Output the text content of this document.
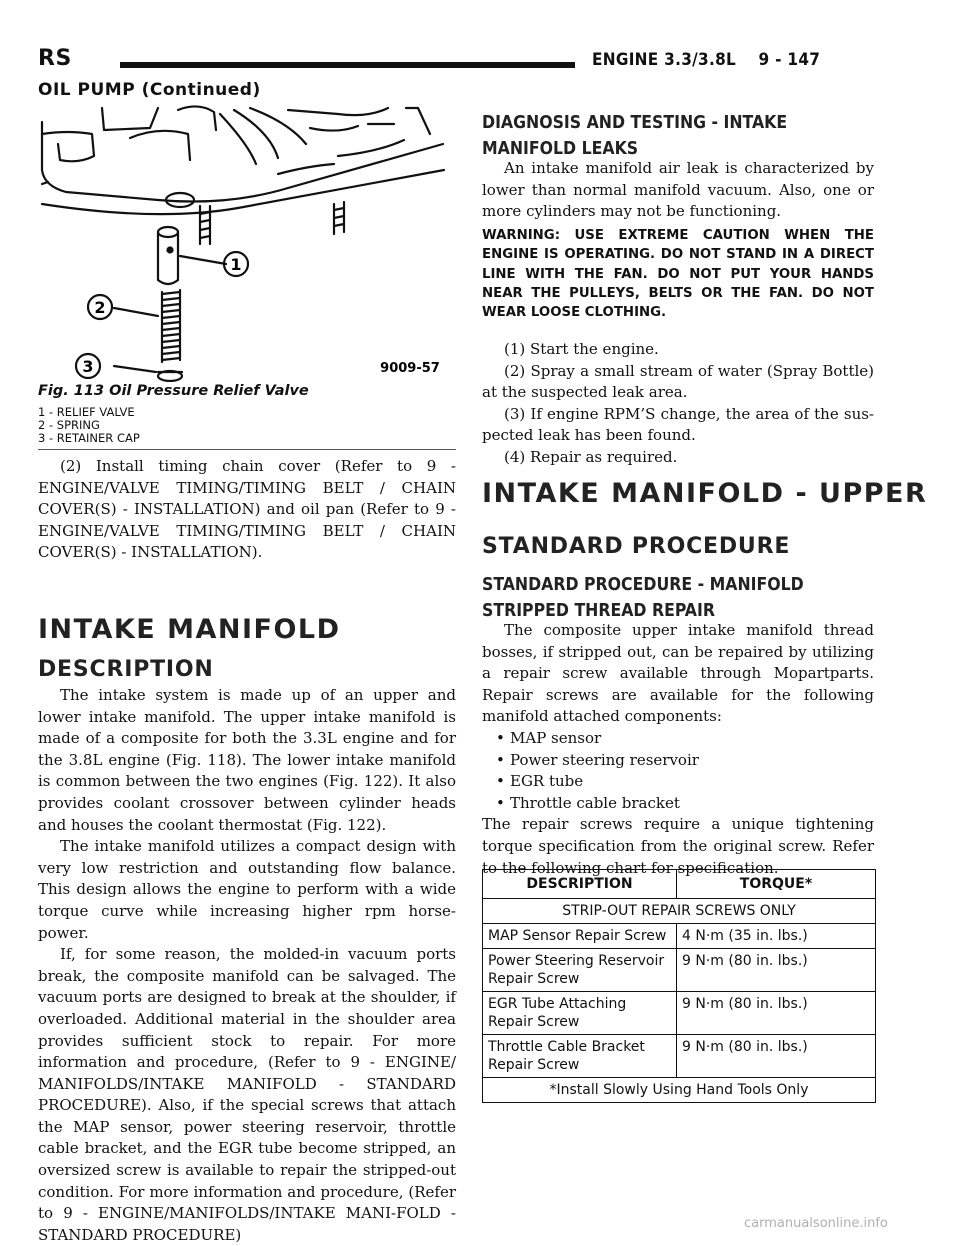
RS	ENGINE 3.3/3.8L    9 - 147
OIL PUMP (Continued)
1
2
3	9009-57
Fig. 113 Oil Pressure Relief Valve
1 - RELIEF VALVE
2 - SPRING
3 - RETAINER CAP

(2) Install timing chain cover (Refer to 9 - ENGINE/VALVE TIMING/TIMING BELT / CHAIN COVER(S) - INSTALLATION) and oil pan (Refer to 9 - ENGINE/VALVE TIMING/TIMING BELT / CHAIN COVER(S) - INSTALLATION).

INTAKE MANIFOLD
DESCRIPTION

The intake system is made up of an upper and lower intake manifold. The upper intake manifold is made of a composite for both the 3.3L engine and for the 3.8L engine (Fig. 118). The lower intake manifold is common between the two engines (Fig. 122). It also provides coolant crossover between cylinder heads and houses the coolant thermostat (Fig. 122).

The intake manifold utilizes a compact design with very low restriction and outstanding flow balance. This design allows the engine to perform with a wide torque curve while increasing higher rpm horse-power.

If, for some reason, the molded-in vacuum ports break, the composite manifold can be salvaged. The vacuum ports are designed to break at the shoulder, if overloaded. Additional material in the shoulder area provides sufficient stock to repair. For more information and procedure, (Refer to 9 - ENGINE/ MANIFOLDS/INTAKE MANIFOLD - STANDARD PROCEDURE). Also, if the special screws that attach the MAP sensor, power steering reservoir, throttle cable bracket, and the EGR tube become stripped, an oversized screw is available to repair the stripped-out condition. For more information and procedure, (Refer to 9 - ENGINE/MANIFOLDS/INTAKE MANI-FOLD - STANDARD PROCEDURE)

DIAGNOSIS AND TESTING - INTAKE MANIFOLD LEAKS

An intake manifold air leak is characterized by lower than normal manifold vacuum. Also, one or more cylinders may not be functioning.

WARNING: USE EXTREME CAUTION WHEN THE ENGINE IS OPERATING. DO NOT STAND IN A DIRECT LINE WITH THE FAN. DO NOT PUT YOUR HANDS NEAR THE PULLEYS, BELTS OR THE FAN. DO NOT WEAR LOOSE CLOTHING.

(1) Start the engine.

(2) Spray a small stream of water (Spray Bottle) at the suspected leak area.

(3) If engine RPM’S change, the area of the sus-pected leak has been found.

(4) Repair as required.

INTAKE MANIFOLD - UPPER
STANDARD PROCEDURE
STANDARD PROCEDURE - MANIFOLD STRIPPED THREAD REPAIR

The composite upper intake manifold thread bosses, if stripped out, can be repaired by utilizing a repair screw available through Mopartparts. Repair screws are available for the following manifold attached components:

• MAP sensor

• Power steering reservoir

• EGR tube

• Throttle cable bracket

The repair screws require a unique tightening torque specification from the original screw. Refer to the following chart for specification.

DESCRIPTION	TORQUE*
STRIP-OUT REPAIR SCREWS ONLY	
MAP Sensor Repair Screw	4 N·m (35 in. lbs.)
Power Steering Reservoir Repair Screw	9 N·m (80 in. lbs.)
EGR Tube Attaching Repair Screw	9 N·m (80 in. lbs.)
Throttle Cable Bracket Repair Screw	9 N·m (80 in. lbs.)
*Install Slowly Using Hand Tools Only	
carmanualsonline.info
